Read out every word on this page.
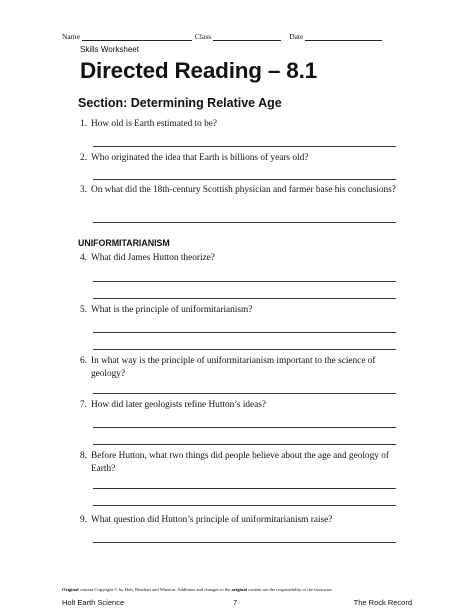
Name	Class	Date
Skills Worksheet
Directed Reading – 8.1
Section: Determining Relative Age
1. How old is Earth estimated to be?
2. Who originated the idea that Earth is billions of years old?
3. On what did the 18th-century Scottish physician and farmer base his conclusions?
UNIFORMITARIANISM
4. What did James Hutton theorize?
5. What is the principle of uniformitarianism?
6. In what way is the principle of uniformitarianism important to the science of geology?
7. How did later geologists refine Hutton’s ideas?
8. Before Hutton, what two things did people believe about the age and geology of Earth?
9. What question did Hutton’s principle of uniformitarianism raise?
Original content Copyright © by Holt, Rinehart and Winston. Additions and changes to the original content are the responsibility of the instructor.
Holt Earth Science	7	The Rock Record
